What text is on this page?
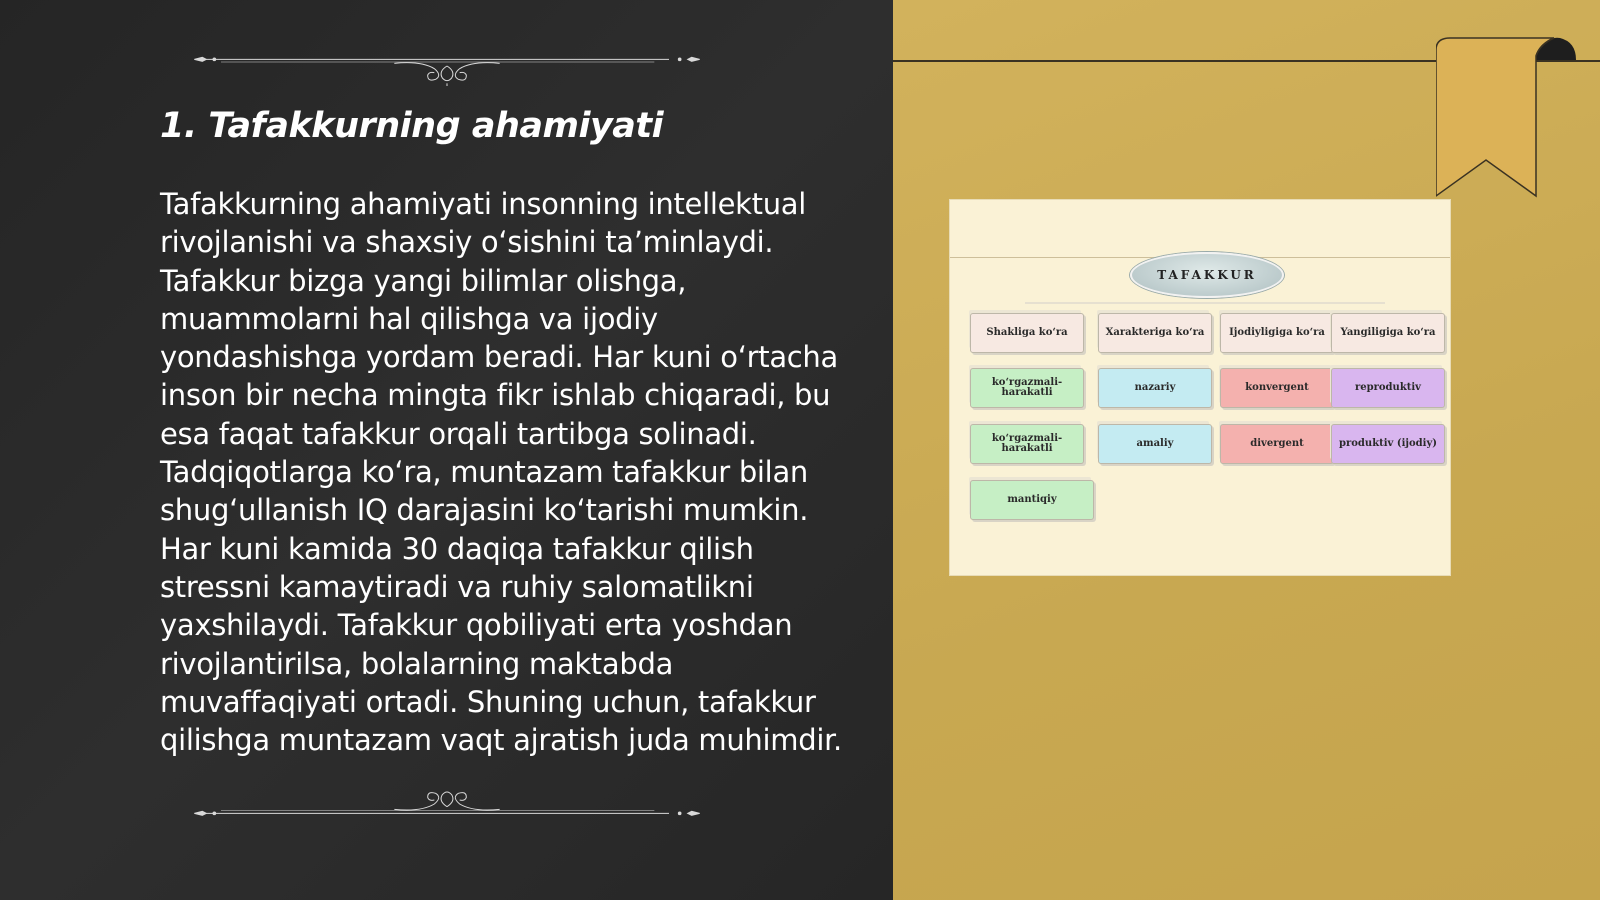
1. Tafakkurning ahamiyati

Tafakkurning ahamiyati insonning intellektual rivojlanishi va shaxsiy o‘sishini ta’minlaydi. Tafakkur bizga yangi bilimlar olishga, muammolarni hal qilishga va ijodiy yondashishga yordam beradi. Har kuni o‘rtacha inson bir necha mingta fikr ishlab chiqaradi, bu esa faqat tafakkur orqali tartibga solinadi. Tadqiqotlarga ko‘ra, muntazam tafakkur bilan shug‘ullanish IQ darajasini ko‘tarishi mumkin. Har kuni kamida 30 daqiqa tafakkur qilish stressni kamaytiradi va ruhiy salomatlikni yaxshilaydi. Tafakkur qobiliyati erta yoshdan rivojlantirilsa, bolalarning maktabda muvaffaqiyati ortadi. Shuning uchun, tafakkur qilishga muntazam vaqt ajratish juda muhimdir.

TAFAKKUR
Shakliga ko‘ra	Xarakteriga ko‘ra	Ijodiyligiga ko‘ra	Yangiligiga ko‘ra
ko‘rgazmali-harakatli	nazariy	konvergent	reproduktiv
ko‘rgazmali-harakatli	amaliy	divergent	produktiv (ijodiy)
mantiqiy
